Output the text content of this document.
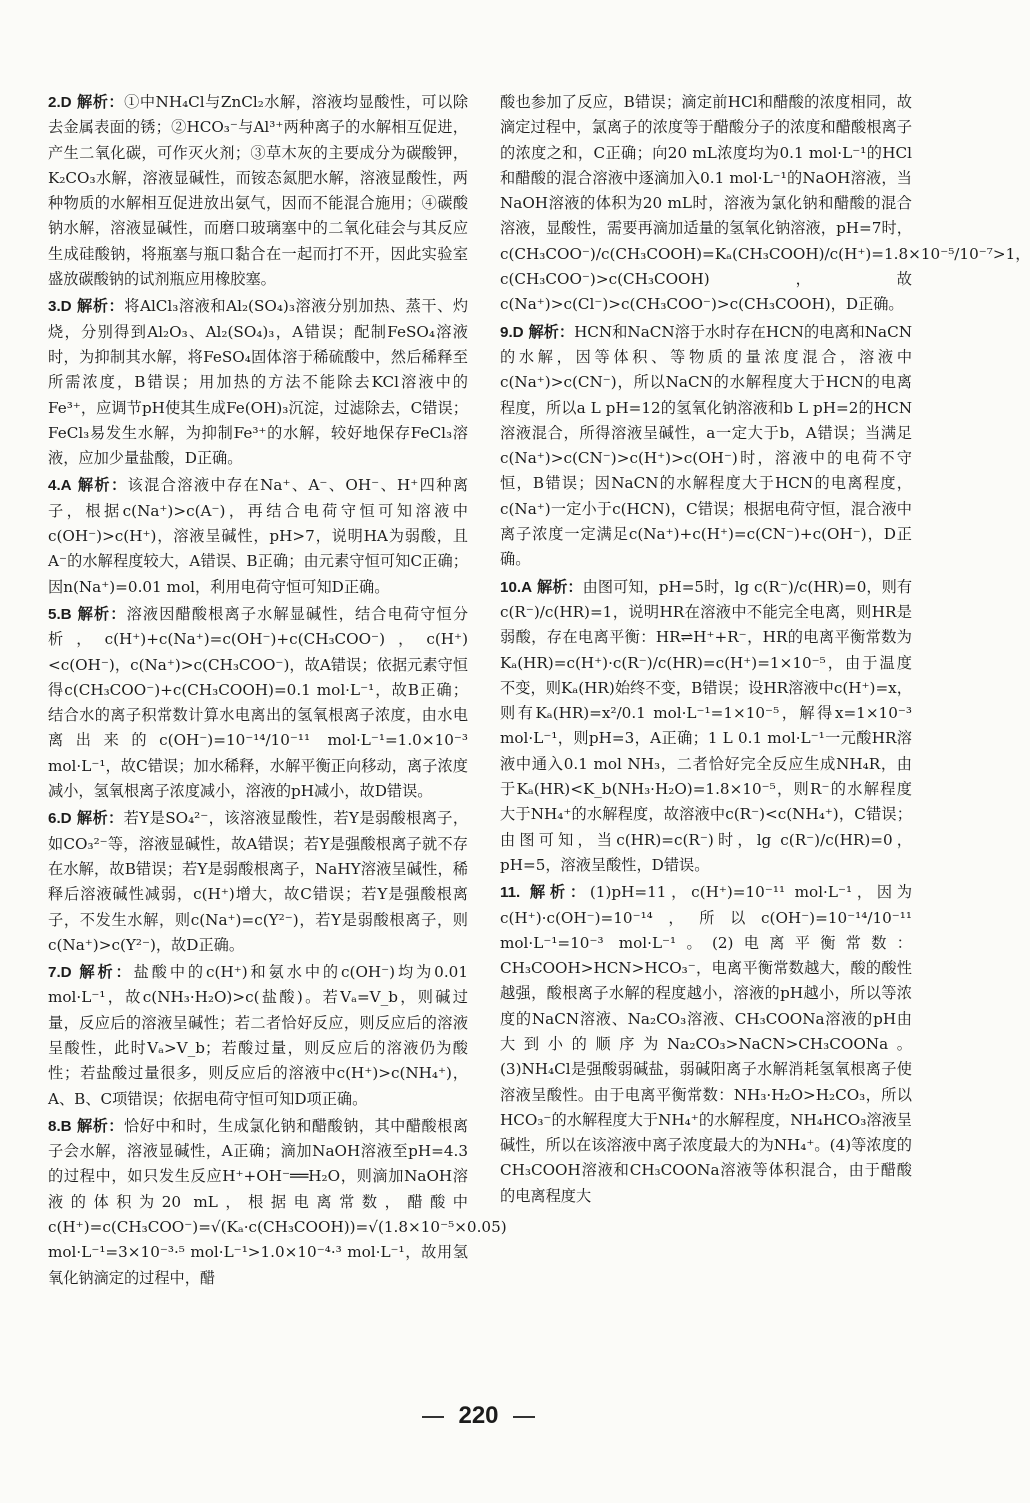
2.D 解析：①中NH₄Cl与ZnCl₂水解，溶液均显酸性，可以除去金属表面的锈；②HCO₃⁻与Al³⁺两种离子的水解相互促进，产生二氧化碳，可作灭火剂；③草木灰的主要成分为碳酸钾，K₂CO₃水解，溶液显碱性，而铵态氮肥水解，溶液显酸性，两种物质的水解相互促进放出氨气，因而不能混合施用；④碳酸钠水解，溶液显碱性，而磨口玻璃塞中的二氧化硅会与其反应生成硅酸钠，将瓶塞与瓶口黏合在一起而打不开，因此实验室盛放碳酸钠的试剂瓶应用橡胶塞。

3.D 解析：将AlCl₃溶液和Al₂(SO₄)₃溶液分别加热、蒸干、灼烧，分别得到Al₂O₃、Al₂(SO₄)₃，A错误；配制FeSO₄溶液时，为抑制其水解，将FeSO₄固体溶于稀硫酸中，然后稀释至所需浓度，B错误；用加热的方法不能除去KCl溶液中的Fe³⁺，应调节pH使其生成Fe(OH)₃沉淀，过滤除去，C错误；FeCl₃易发生水解，为抑制Fe³⁺的水解，较好地保存FeCl₃溶液，应加少量盐酸，D正确。

4.A 解析：该混合溶液中存在Na⁺、A⁻、OH⁻、H⁺四种离子，根据c(Na⁺)>c(A⁻)，再结合电荷守恒可知溶液中c(OH⁻)>c(H⁺)，溶液呈碱性，pH>7，说明HA为弱酸，且A⁻的水解程度较大，A错误、B正确；由元素守恒可知C正确；因n(Na⁺)=0.01 mol，利用电荷守恒可知D正确。

5.B 解析：溶液因醋酸根离子水解显碱性，结合电荷守恒分析，c(H⁺)+c(Na⁺)=c(OH⁻)+c(CH₃COO⁻)，c(H⁺)<c(OH⁻)，c(Na⁺)>c(CH₃COO⁻)，故A错误；依据元素守恒得c(CH₃COO⁻)+c(CH₃COOH)=0.1 mol·L⁻¹，故B正确；结合水的离子积常数计算水电离出的氢氧根离子浓度，由水电离出来的c(OH⁻)=10⁻¹⁴/10⁻¹¹ mol·L⁻¹=1.0×10⁻³ mol·L⁻¹，故C错误；加水稀释，水解平衡正向移动，离子浓度减小，氢氧根离子浓度减小，溶液的pH减小，故D错误。

6.D 解析：若Y是SO₄²⁻，该溶液显酸性，若Y是弱酸根离子，如CO₃²⁻等，溶液显碱性，故A错误；若Y是强酸根离子就不存在水解，故B错误；若Y是弱酸根离子，NaHY溶液呈碱性，稀释后溶液碱性减弱，c(H⁺)增大，故C错误；若Y是强酸根离子，不发生水解，则c(Na⁺)=c(Y²⁻)，若Y是弱酸根离子，则c(Na⁺)>c(Y²⁻)，故D正确。

7.D 解析：盐酸中的c(H⁺)和氨水中的c(OH⁻)均为0.01 mol·L⁻¹，故c(NH₃·H₂O)>c(盐酸)。若Vₐ=V_b，则碱过量，反应后的溶液呈碱性；若二者恰好反应，则反应后的溶液呈酸性，此时Vₐ>V_b；若酸过量，则反应后的溶液仍为酸性；若盐酸过量很多，则反应后的溶液中c(H⁺)>c(NH₄⁺)，A、B、C项错误；依据电荷守恒可知D项正确。

8.B 解析：恰好中和时，生成氯化钠和醋酸钠，其中醋酸根离子会水解，溶液显碱性，A正确；滴加NaOH溶液至pH=4.3的过程中，如只发生反应H⁺+OH⁻══H₂O，则滴加NaOH溶液的体积为20 mL，根据电离常数，醋酸中c(H⁺)=c(CH₃COO⁻)=√(Kₐ·c(CH₃COOH))=√(1.8×10⁻⁵×0.05) mol·L⁻¹=3×10⁻³·⁵ mol·L⁻¹>1.0×10⁻⁴·³ mol·L⁻¹，故用氢氧化钠滴定的过程中，醋

酸也参加了反应，B错误；滴定前HCl和醋酸的浓度相同，故滴定过程中，氯离子的浓度等于醋酸分子的浓度和醋酸根离子的浓度之和，C正确；向20 mL浓度均为0.1 mol·L⁻¹的HCl和醋酸的混合溶液中逐滴加入0.1 mol·L⁻¹的NaOH溶液，当NaOH溶液的体积为20 mL时，溶液为氯化钠和醋酸的混合溶液，显酸性，需要再滴加适量的氢氧化钠溶液，pH=7时，c(CH₃COO⁻)/c(CH₃COOH)=Kₐ(CH₃COOH)/c(H⁺)=1.8×10⁻⁵/10⁻⁷>1，c(CH₃COO⁻)>c(CH₃COOH)，故c(Na⁺)>c(Cl⁻)>c(CH₃COO⁻)>c(CH₃COOH)，D正确。

9.D 解析：HCN和NaCN溶于水时存在HCN的电离和NaCN的水解，因等体积、等物质的量浓度混合，溶液中c(Na⁺)>c(CN⁻)，所以NaCN的水解程度大于HCN的电离程度，所以a L pH=12的氢氧化钠溶液和b L pH=2的HCN溶液混合，所得溶液呈碱性，a一定大于b，A错误；当满足c(Na⁺)>c(CN⁻)>c(H⁺)>c(OH⁻)时，溶液中的电荷不守恒，B错误；因NaCN的水解程度大于HCN的电离程度，c(Na⁺)一定小于c(HCN)，C错误；根据电荷守恒，混合液中离子浓度一定满足c(Na⁺)+c(H⁺)=c(CN⁻)+c(OH⁻)，D正确。

10.A 解析：由图可知，pH=5时，lg c(R⁻)/c(HR)=0，则有c(R⁻)/c(HR)=1，说明HR在溶液中不能完全电离，则HR是弱酸，存在电离平衡：HR⇌H⁺+R⁻，HR的电离平衡常数为Kₐ(HR)=c(H⁺)·c(R⁻)/c(HR)=c(H⁺)=1×10⁻⁵，由于温度不变，则Kₐ(HR)始终不变，B错误；设HR溶液中c(H⁺)=x，则有Kₐ(HR)=x²/0.1 mol·L⁻¹=1×10⁻⁵，解得x=1×10⁻³ mol·L⁻¹，则pH=3，A正确；1 L 0.1 mol·L⁻¹一元酸HR溶液中通入0.1 mol NH₃，二者恰好完全反应生成NH₄R，由于Kₐ(HR)<K_b(NH₃·H₂O)=1.8×10⁻⁵，则R⁻的水解程度大于NH₄⁺的水解程度，故溶液中c(R⁻)<c(NH₄⁺)，C错误；由图可知，当c(HR)=c(R⁻)时，lg c(R⁻)/c(HR)=0，pH=5，溶液呈酸性，D错误。

11. 解析：(1)pH=11，c(H⁺)=10⁻¹¹ mol·L⁻¹，因为c(H⁺)·c(OH⁻)=10⁻¹⁴，所以c(OH⁻)=10⁻¹⁴/10⁻¹¹ mol·L⁻¹=10⁻³ mol·L⁻¹。(2)电离平衡常数：CH₃COOH>HCN>HCO₃⁻，电离平衡常数越大，酸的酸性越强，酸根离子水解的程度越小，溶液的pH越小，所以等浓度的NaCN溶液、Na₂CO₃溶液、CH₃COONa溶液的pH由大到小的顺序为Na₂CO₃>NaCN>CH₃COONa。(3)NH₄Cl是强酸弱碱盐，弱碱阳离子水解消耗氢氧根离子使溶液呈酸性。由于电离平衡常数：NH₃·H₂O>H₂CO₃，所以HCO₃⁻的水解程度大于NH₄⁺的水解程度，NH₄HCO₃溶液呈碱性，所以在该溶液中离子浓度最大的为NH₄⁺。(4)等浓度的CH₃COOH溶液和CH₃COONa溶液等体积混合，由于醋酸的电离程度大

220
